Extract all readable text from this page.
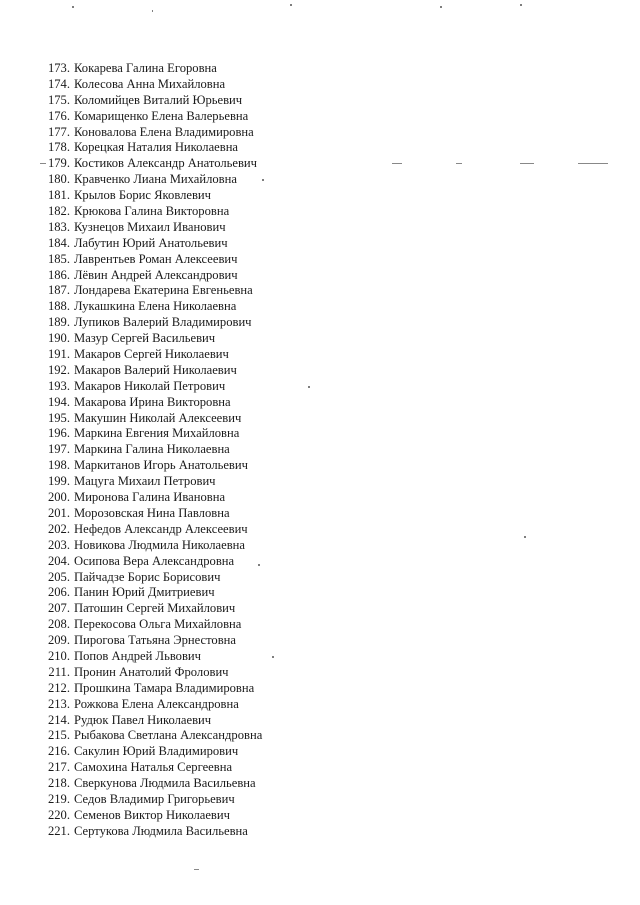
173. Кокарева Галина Егоровна
174. Колесова Анна Михайловна
175. Коломийцев Виталий Юрьевич
176. Комарищенко Елена Валерьевна
177. Коновалова Елена Владимировна
178. Корецкая Наталия Николаевна
179. Костиков Александр Анатольевич
180. Кравченко Лиана Михайловна
181. Крылов Борис Яковлевич
182. Крюкова Галина Викторовна
183. Кузнецов Михаил Иванович
184. Лабутин Юрий Анатольевич
185. Лаврентьев Роман Алексеевич
186. Лёвин Андрей Александрович
187. Лондарева Екатерина Евгеньевна
188. Лукашкина Елена Николаевна
189. Лупиков Валерий Владимирович
190. Мазур Сергей Васильевич
191. Макаров Сергей Николаевич
192. Макаров Валерий Николаевич
193. Макаров Николай Петрович
194. Макарова Ирина Викторовна
195. Макушин Николай Алексеевич
196. Маркина Евгения Михайловна
197. Маркина Галина Николаевна
198. Маркитанов Игорь Анатольевич
199. Мацуга Михаил Петрович
200. Миронова Галина Ивановна
201. Морозовская Нина Павловна
202. Нефедов Александр Алексеевич
203. Новикова Людмила Николаевна
204. Осипова Вера Александровна
205. Пайчадзе Борис Борисович
206. Панин Юрий Дмитриевич
207. Патошин Сергей Михайлович
208. Перекосова Ольга Михайловна
209. Пирогова Татьяна Эрнестовна
210. Попов Андрей Львович
211. Пронин Анатолий Фролович
212. Прошкина Тамара Владимировна
213. Рожкова Елена Александровна
214. Рудюк Павел Николаевич
215. Рыбакова Светлана Александровна
216. Сакулин Юрий Владимирович
217. Самохина Наталья Сергеевна
218. Сверкунова Людмила Васильевна
219. Седов Владимир Григорьевич
220. Семенов Виктор Николаевич
221. Сертукова Людмила Васильевна
